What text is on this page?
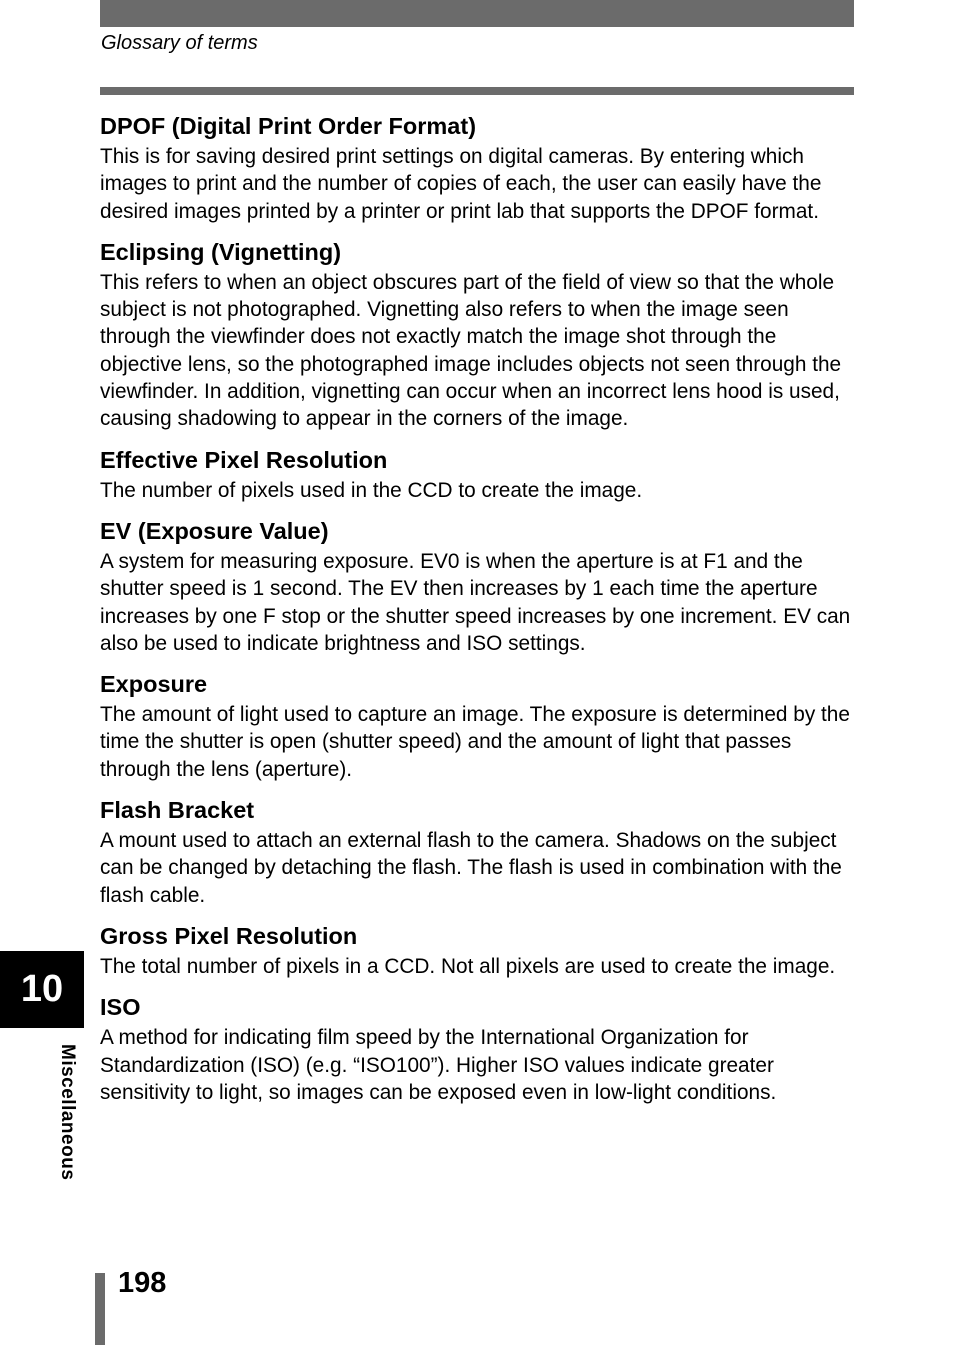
Glossary of terms
DPOF (Digital Print Order Format)

This is for saving desired print settings on digital cameras. By entering which images to print and the number of copies of each, the user can easily have the desired images printed by a printer or print lab that supports the DPOF format.

Eclipsing (Vignetting)

This refers to when an object obscures part of the field of view so that the whole subject is not photographed. Vignetting also refers to when the image seen through the viewfinder does not exactly match the image shot through the objective lens, so the photographed image includes objects not seen through the viewfinder. In addition, vignetting can occur when an incorrect lens hood is used, causing shadowing to appear in the corners of the image.

Effective Pixel Resolution

The number of pixels used in the CCD to create the image.

EV (Exposure Value)

A system for measuring exposure. EV0 is when the aperture is at F1 and the shutter speed is 1 second. The EV then increases by 1 each time the aperture increases by one F stop or the shutter speed increases by one increment. EV can also be used to indicate brightness and ISO settings.

Exposure

The amount of light used to capture an image. The exposure is determined by the time the shutter is open (shutter speed) and the amount of light that passes through the lens (aperture).

Flash Bracket

A mount used to attach an external flash to the camera. Shadows on the subject can be changed by detaching the flash. The flash is used in combination with the flash cable.

Gross Pixel Resolution

The total number of pixels in a CCD. Not all pixels are used to create the image.

ISO

A method for indicating film speed by the International Organization for Standardization (ISO) (e.g. “ISO100”). Higher ISO values indicate greater sensitivity to light, so images can be exposed even in low-light conditions.

10
Miscellaneous
198
